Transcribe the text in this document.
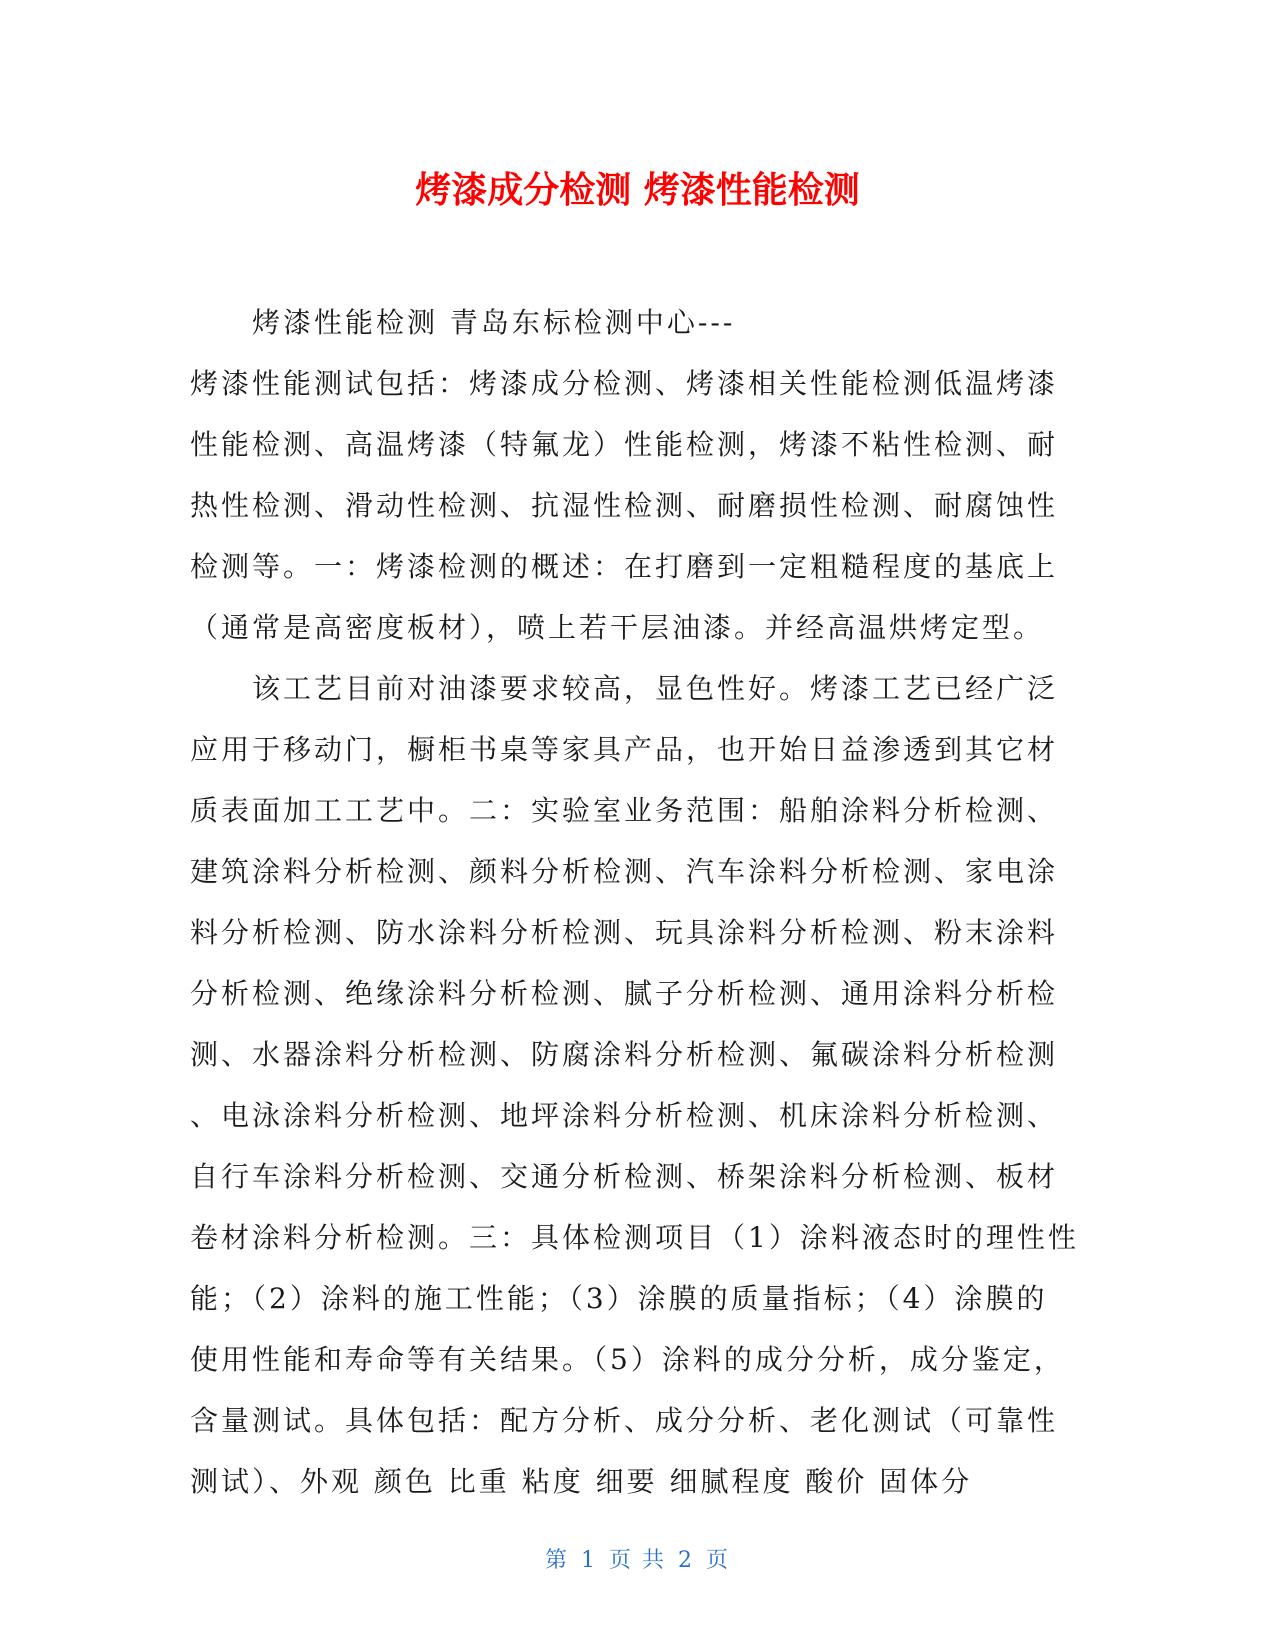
烤漆成分检测 烤漆性能检测
烤漆性能检测 青岛东标检测中心---
烤漆性能测试包括：烤漆成分检测、烤漆相关性能检测低温烤漆
性能检测、高温烤漆（特氟龙）性能检测，烤漆不粘性检测、耐
热性检测、滑动性检测、抗湿性检测、耐磨损性检测、耐腐蚀性
检测等。一：烤漆检测的概述：在打磨到一定粗糙程度的基底上
（通常是高密度板材），喷上若干层油漆。并经高温烘烤定型。
该工艺目前对油漆要求较高，显色性好。烤漆工艺已经广泛
应用于移动门，橱柜书桌等家具产品，也开始日益渗透到其它材
质表面加工工艺中。二：实验室业务范围：船舶涂料分析检测、
建筑涂料分析检测、颜料分析检测、汽车涂料分析检测、家电涂
料分析检测、防水涂料分析检测、玩具涂料分析检测、粉末涂料
分析检测、绝缘涂料分析检测、腻子分析检测、通用涂料分析检
测、水器涂料分析检测、防腐涂料分析检测、氟碳涂料分析检测
、电泳涂料分析检测、地坪涂料分析检测、机床涂料分析检测、
自行车涂料分析检测、交通分析检测、桥架涂料分析检测、板材
卷材涂料分析检测。三：具体检测项目（1）涂料液态时的理性性
能；（2）涂料的施工性能；（3）涂膜的质量指标；（4）涂膜的
使用性能和寿命等有关结果。（5）涂料的成分分析，成分鉴定，
含量测试。具体包括：配方分析、成分分析、老化测试（可靠性
测试）、外观 颜色 比重 粘度 细要 细腻程度 酸价 固体分
第 1 页 共 2 页
